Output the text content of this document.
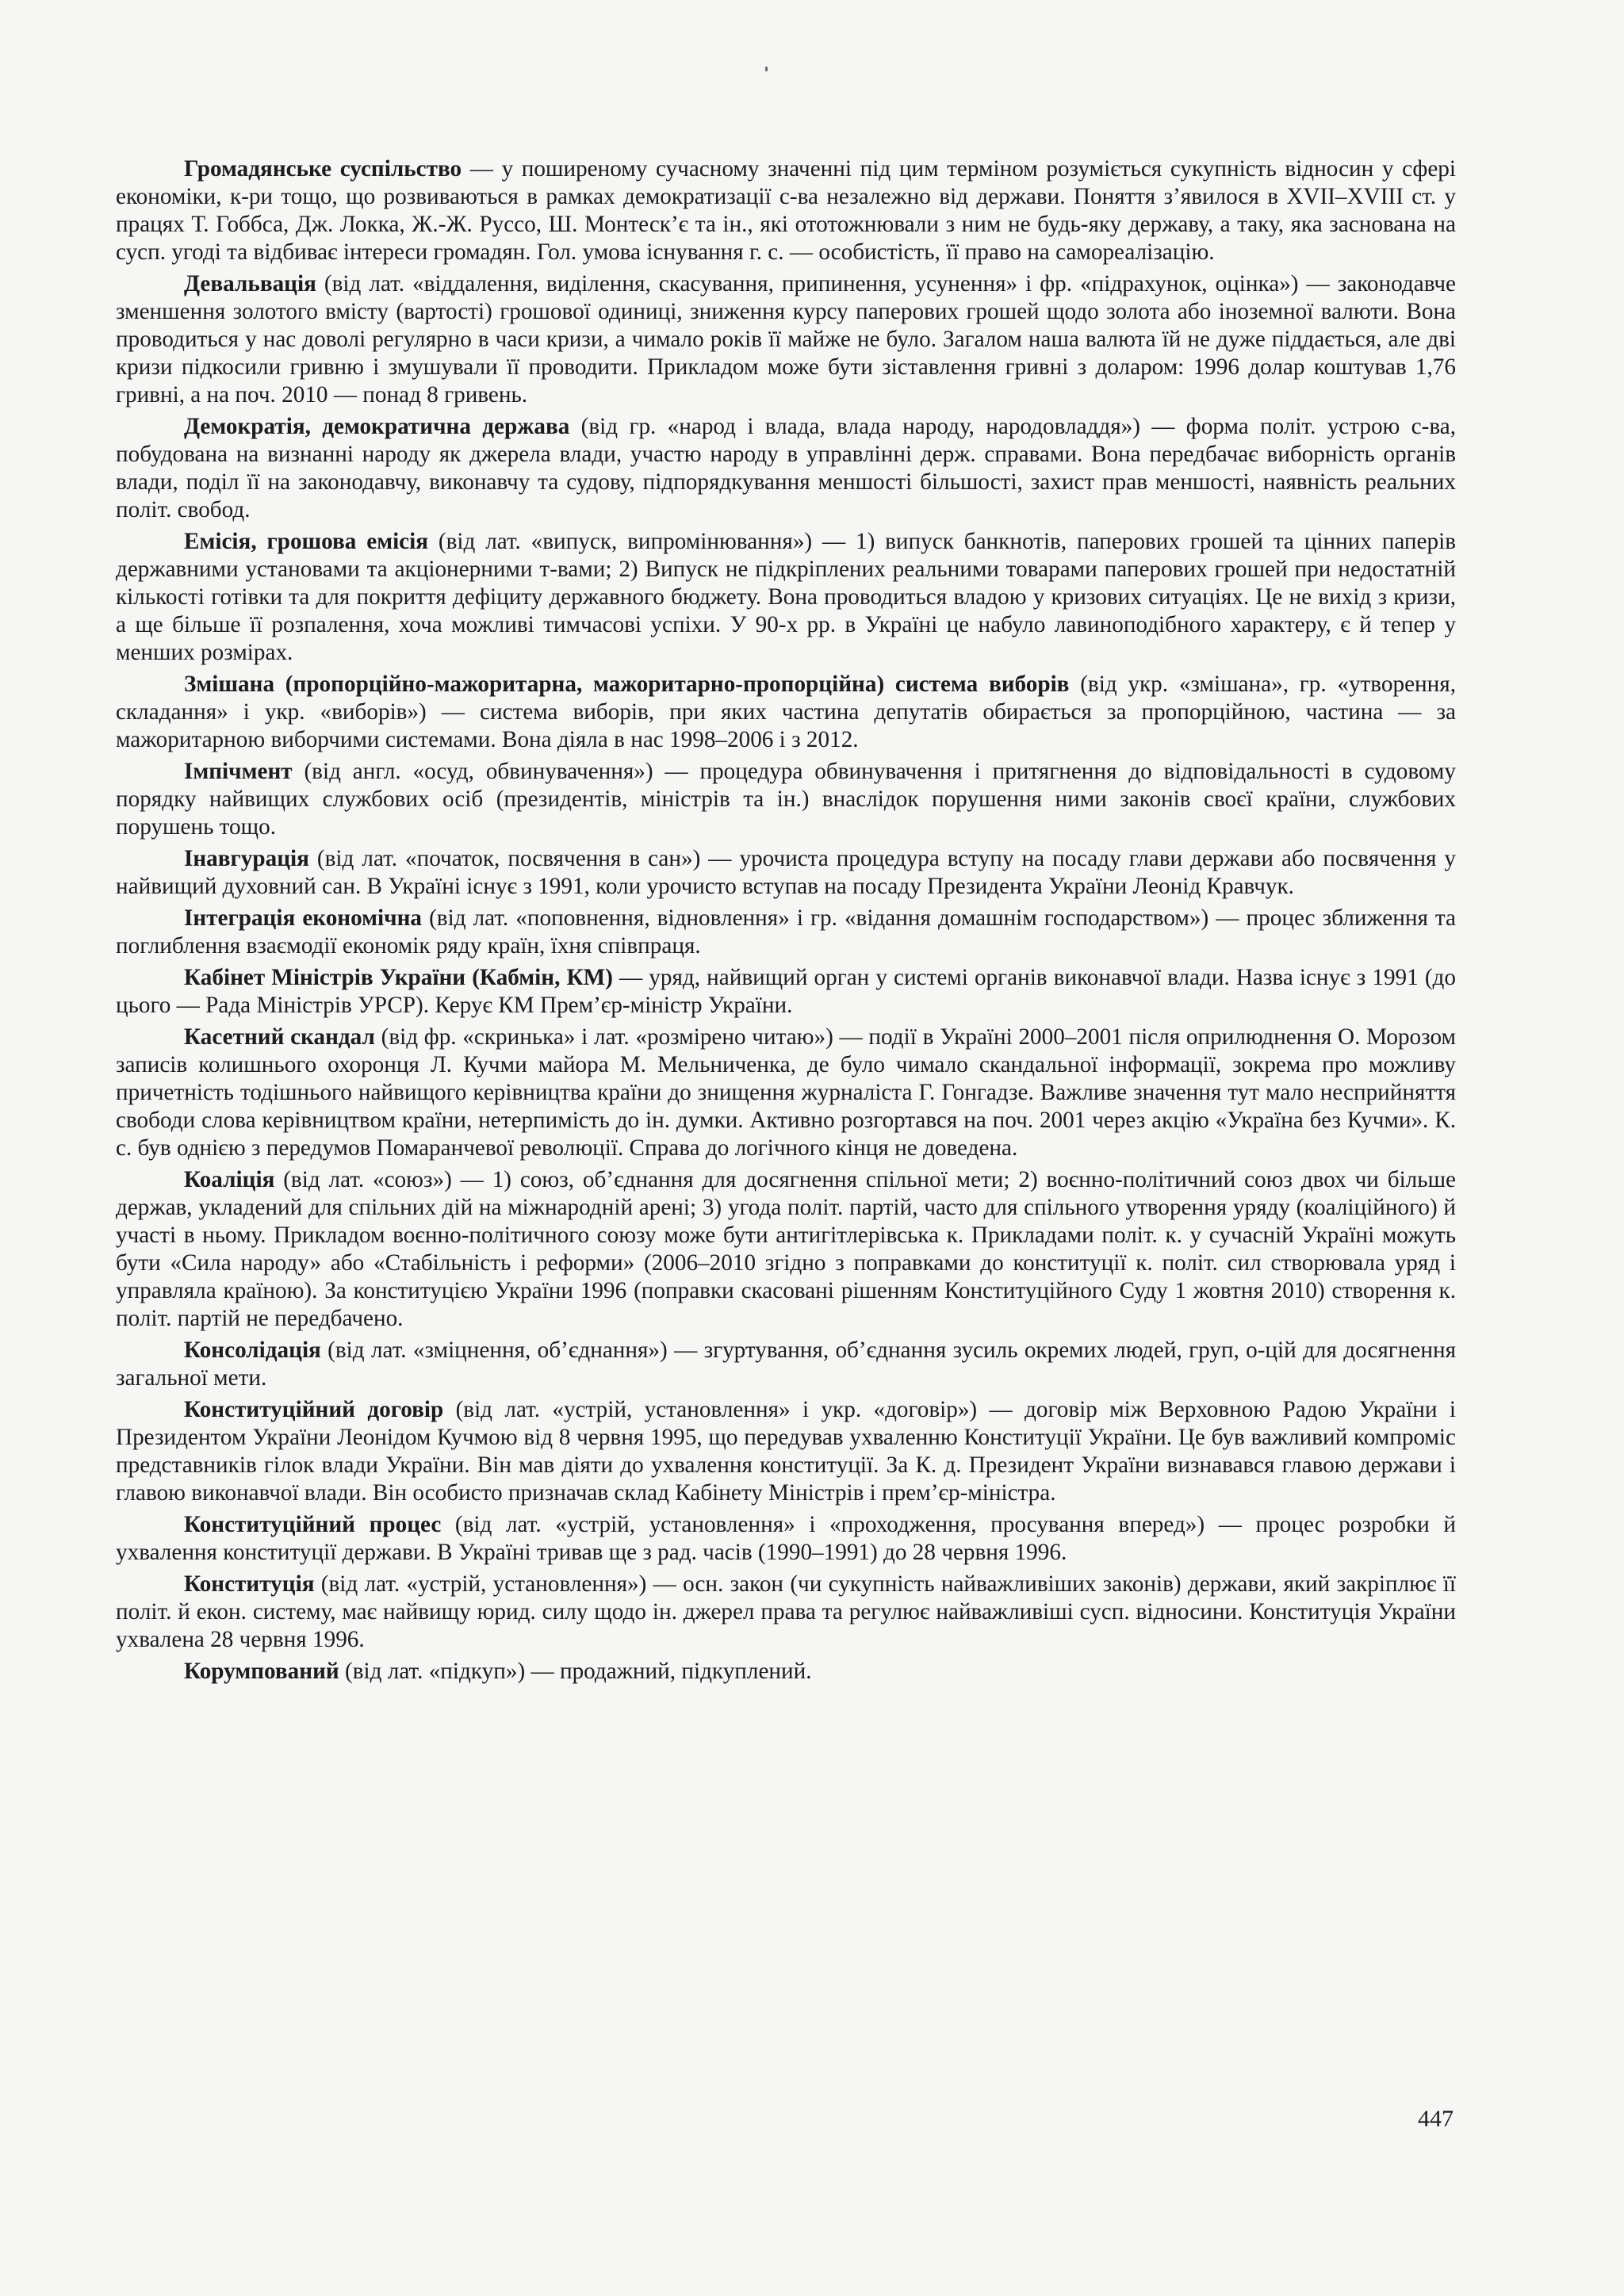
Громадянське суспільство — у поширеному сучасному значенні під цим терміном розуміється сукупність відносин у сфері економіки, к-ри тощо, що розвиваються в рамках демократизації с-ва незалежно від держави. Поняття з’явилося в XVII–XVIII ст. у працях Т. Гоббса, Дж. Локка, Ж.-Ж. Руссо, Ш. Монтеск’є та ін., які ототожнювали з ним не будь-яку державу, а таку, яка заснована на сусп. угоді та відбиває інтереси громадян. Гол. умова існування г. с. — особистість, її право на самореалізацію.

Девальвація (від лат. «віддалення, виділення, скасування, припинення, усунення» і фр. «підрахунок, оцінка») — законодавче зменшення золотого вмісту (вартості) грошової одиниці, зниження курсу паперових грошей щодо золота або іноземної валюти. Вона проводиться у нас доволі регулярно в часи кризи, а чимало років її майже не було. Загалом наша валюта їй не дуже піддається, але дві кризи підкосили гривню і змушували її проводити. Прикладом може бути зіставлення гривні з доларом: 1996 долар коштував 1,76 гривні, а на поч. 2010 — понад 8 гривень.

Демократія, демократична держава (від гр. «народ і влада, влада народу, народовладдя») — форма політ. устрою с-ва, побудована на визнанні народу як джерела влади, участю народу в управлінні держ. справами. Вона передбачає виборність органів влади, поділ її на законодавчу, виконавчу та судову, підпорядкування меншості більшості, захист прав меншості, наявність реальних політ. свобод.

Емісія, грошова емісія (від лат. «випуск, випромінювання») — 1) випуск банкнотів, паперових грошей та цінних паперів державними установами та акціонерними т-вами; 2) Випуск не підкріплених реальними товарами паперових грошей при недостатній кількості готівки та для покриття дефіциту державного бюджету. Вона проводиться владою у кризових ситуаціях. Це не вихід з кризи, а ще більше її розпалення, хоча можливі тимчасові успіхи. У 90-х рр. в Україні це набуло лавиноподібного характеру, є й тепер у менших розмірах.

Змішана (пропорційно-мажоритарна, мажоритарно-пропорційна) система виборів (від укр. «змішана», гр. «утворення, складання» і укр. «виборів») — система виборів, при яких частина депутатів обирається за пропорційною, частина — за мажоритарною виборчими системами. Вона діяла в нас 1998–2006 і з 2012.

Імпічмент (від англ. «осуд, обвинувачення») — процедура обвинувачення і притягнення до відповідальності в судовому порядку найвищих службових осіб (президентів, міністрів та ін.) внаслідок порушення ними законів своєї країни, службових порушень тощо.

Інавгурація (від лат. «початок, посвячення в сан») — урочиста процедура вступу на посаду глави держави або посвячення у найвищий духовний сан. В Україні існує з 1991, коли урочисто вступав на посаду Президента України Леонід Кравчук.

Інтеграція економічна (від лат. «поповнення, відновлення» і гр. «відання домашнім господарством») — процес зближення та поглиблення взаємодії економік ряду країн, їхня співпраця.

Кабінет Міністрів України (Кабмін, КМ) — уряд, найвищий орган у системі органів виконавчої влади. Назва існує з 1991 (до цього — Рада Міністрів УРСР). Керує КМ Прем’єр-міністр України.

Касетний скандал (від фр. «скринька» і лат. «розмірено читаю») — події в Україні 2000–2001 після оприлюднення О. Морозом записів колишнього охоронця Л. Кучми майора М. Мельниченка, де було чимало скандальної інформації, зокрема про можливу причетність тодішнього найвищого керівництва країни до знищення журналіста Г. Гонгадзе. Важливе значення тут мало несприйняття свободи слова керівництвом країни, нетерпимість до ін. думки. Активно розгортався на поч. 2001 через акцію «Україна без Кучми». К. с. був однією з передумов Помаранчевої революції. Справа до логічного кінця не доведена.

Коаліція (від лат. «союз») — 1) союз, об’єднання для досягнення спільної мети; 2) воєнно-політичний союз двох чи більше держав, укладений для спільних дій на міжнародній арені; 3) угода політ. партій, часто для спільного утворення уряду (коаліційного) й участі в ньому. Прикладом воєнно-політичного союзу може бути антигітлерівська к. Прикладами політ. к. у сучасній Україні можуть бути «Сила народу» або «Стабільність і реформи» (2006–2010 згідно з поправками до конституції к. політ. сил створювала уряд і управляла країною). За конституцією України 1996 (поправки скасовані рішенням Конституційного Суду 1 жовтня 2010) створення к. політ. партій не передбачено.

Консолідація (від лат. «зміцнення, об’єднання») — згуртування, об’єднання зусиль окремих людей, груп, о-цій для досягнення загальної мети.

Конституційний договір (від лат. «устрій, установлення» і укр. «договір») — договір між Верховною Радою України і Президентом України Леонідом Кучмою від 8 червня 1995, що передував ухваленню Конституції України. Це був важливий компроміс представників гілок влади України. Він мав діяти до ухвалення конституції. За К. д. Президент України визнавався главою держави і главою виконавчої влади. Він особисто призначав склад Кабінету Міністрів і прем’єр-міністра.

Конституційний процес (від лат. «устрій, установлення» і «проходження, просування вперед») — процес розробки й ухвалення конституції держави. В Україні тривав ще з рад. часів (1990–1991) до 28 червня 1996.

Конституція (від лат. «устрій, установлення») — осн. закон (чи сукупність найважливіших законів) держави, який закріплює її політ. й екон. систему, має найвищу юрид. силу щодо ін. джерел права та регулює найважливіші сусп. відносини. Конституція України ухвалена 28 червня 1996.

Корумпований (від лат. «підкуп») — продажний, підкуплений.

447
